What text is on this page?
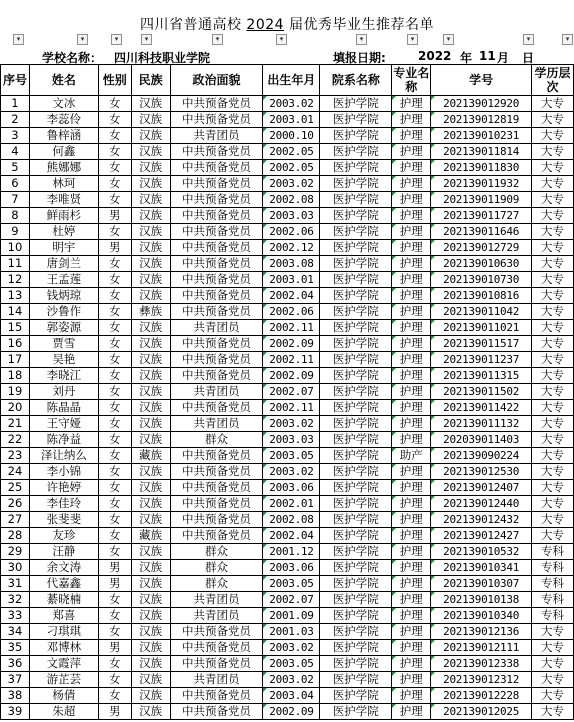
四川省普通高校 2024 届优秀毕业生推荐名单
▾	▾	▾	▾	▾	▾	▾	▾	▾	▾	▾
学校名称： 四川科技职业学院	填报日期:	2022 年 11 月 日
序号	姓名	性别	民族	政治面貌	出生年月	院系名称	专业名称	学号	学历层次
1	文冰	女	汉族	中共预备党员	2003.02	医护学院	护理	202139012920	大专
2	李蕊伶	女	汉族	中共预备党员	2003.01	医护学院	护理	202139012819	大专
3	鲁梓涵	女	汉族	共青团员	2000.10	医护学院	护理	202139010231	大专
4	何鑫	女	汉族	中共预备党员	2002.05	医护学院	护理	202139011814	大专
5	熊娜娜	女	汉族	中共预备党员	2002.05	医护学院	护理	202139011830	大专
6	林珂	女	汉族	中共预备党员	2003.02	医护学院	护理	202139011932	大专
7	李唯贤	女	汉族	中共预备党员	2002.08	医护学院	护理	202139011909	大专
8	鲜雨杉	男	汉族	中共预备党员	2003.03	医护学院	护理	202139011727	大专
9	杜婷	女	汉族	中共预备党员	2002.06	医护学院	护理	202139011646	大专
10	明宇	男	汉族	中共预备党员	2002.12	医护学院	护理	202139012729	大专
11	唐剑兰	女	汉族	中共预备党员	2003.08	医护学院	护理	202139010630	大专
12	王孟莲	女	汉族	中共预备党员	2003.01	医护学院	护理	202139010730	大专
13	钱炳琼	女	汉族	中共预备党员	2002.04	医护学院	护理	202139010816	大专
14	沙鲁作	女	彝族	中共预备党员	2002.06	医护学院	护理	202139011042	大专
15	郭姿源	女	汉族	共青团员	2002.11	医护学院	护理	202139011021	大专
16	贾雪	女	汉族	中共预备党员	2002.09	医护学院	护理	202139011517	大专
17	吴艳	女	汉族	中共预备党员	2002.11	医护学院	护理	202139011237	大专
18	李晓江	女	汉族	中共预备党员	2002.09	医护学院	护理	202139011315	大专
19	刘丹	女	汉族	共青团员	2002.07	医护学院	护理	202139011502	大专
20	陈晶晶	女	汉族	中共预备党员	2002.11	医护学院	护理	202139011422	大专
21	王守娅	女	汉族	共青团员	2003.02	医护学院	护理	202139011132	大专
22	陈净益	女	汉族	群众	2003.03	医护学院	护理	202039011403	大专
23	泽让纳么	女	藏族	中共预备党员	2003.05	医护学院	助产	202139090224	大专
24	李小锦	女	汉族	中共预备党员	2003.02	医护学院	护理	202139012530	大专
25	许艳婷	女	汉族	中共预备党员	2003.06	医护学院	护理	202139012407	大专
26	李佳玲	女	汉族	中共预备党员	2002.01	医护学院	护理	202139012440	大专
27	张斐斐	女	汉族	中共预备党员	2002.08	医护学院	护理	202139012432	大专
28	友珍	女	藏族	中共预备党员	2002.04	医护学院	护理	202139012427	大专
29	汪静	女	汉族	群众	2001.12	医护学院	护理	202139010532	专科
30	余文涛	男	汉族	群众	2003.06	医护学院	护理	202139010341	专科
31	代嘉鑫	男	汉族	群众	2003.05	医护学院	护理	202139010307	专科
32	綦晓楠	女	汉族	共青团员	2002.07	医护学院	护理	202139010138	专科
33	郑喜	女	汉族	共青团员	2001.09	医护学院	护理	202139010340	专科
34	刁琪琪	女	汉族	中共预备党员	2001.03	医护学院	护理	202139012136	大专
35	邓博林	男	汉族	中共预备党员	2003.02	医护学院	护理	202139012111	大专
36	文霞萍	女	汉族	中共预备党员	2003.05	医护学院	护理	202139012338	大专
37	游芷芸	女	汉族	共青团员	2003.02	医护学院	护理	202139012312	大专
38	杨倩	女	汉族	中共预备党员	2003.04	医护学院	护理	202139012228	大专
39	朱超	男	汉族	中共预备党员	2002.09	医护学院	护理	202139012025	大专
